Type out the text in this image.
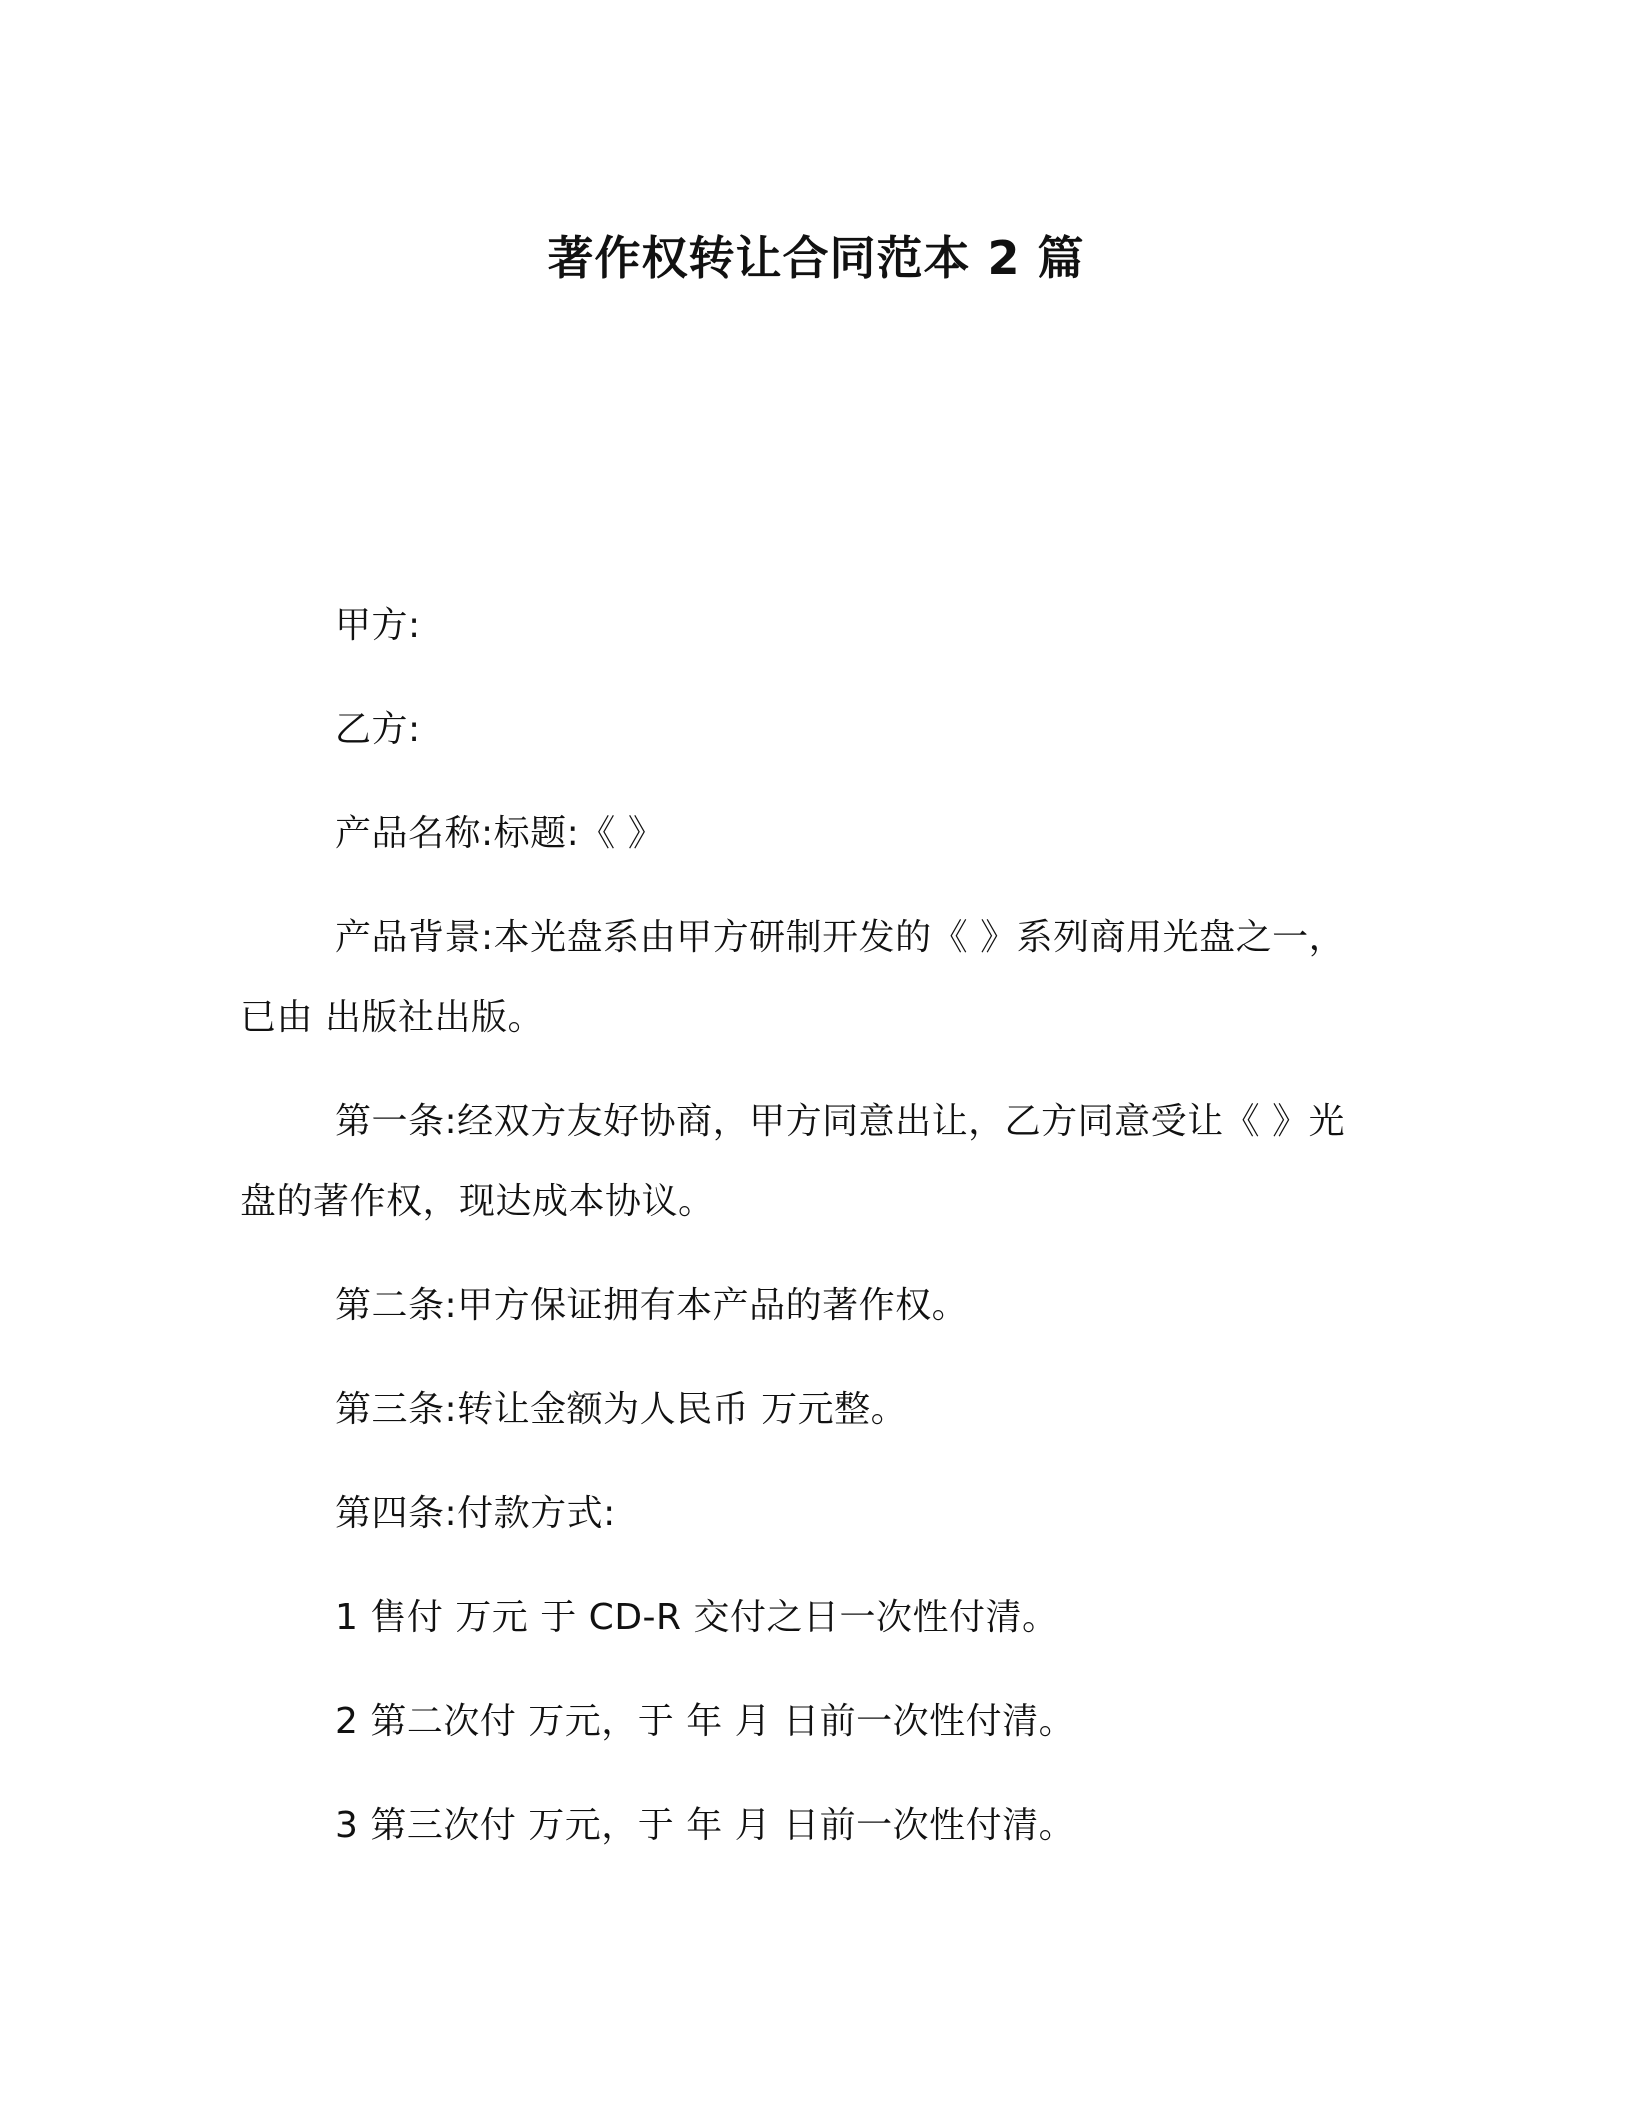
著作权转让合同范本 2 篇

甲方:

乙方:

产品名称:标题:《 》

产品背景:本光盘系由甲方研制开发的《 》系列商用光盘之一，已由 出版社出版。

第一条:经双方友好协商，甲方同意出让，乙方同意受让《 》光盘的著作权，现达成本协议。

第二条:甲方保证拥有本产品的著作权。

第三条:转让金额为人民币 万元整。

第四条:付款方式:

1 售付 万元 于 CD-R 交付之日一次性付清。

2 第二次付 万元，于 年 月 日前一次性付清。

3 第三次付 万元，于 年 月 日前一次性付清。
